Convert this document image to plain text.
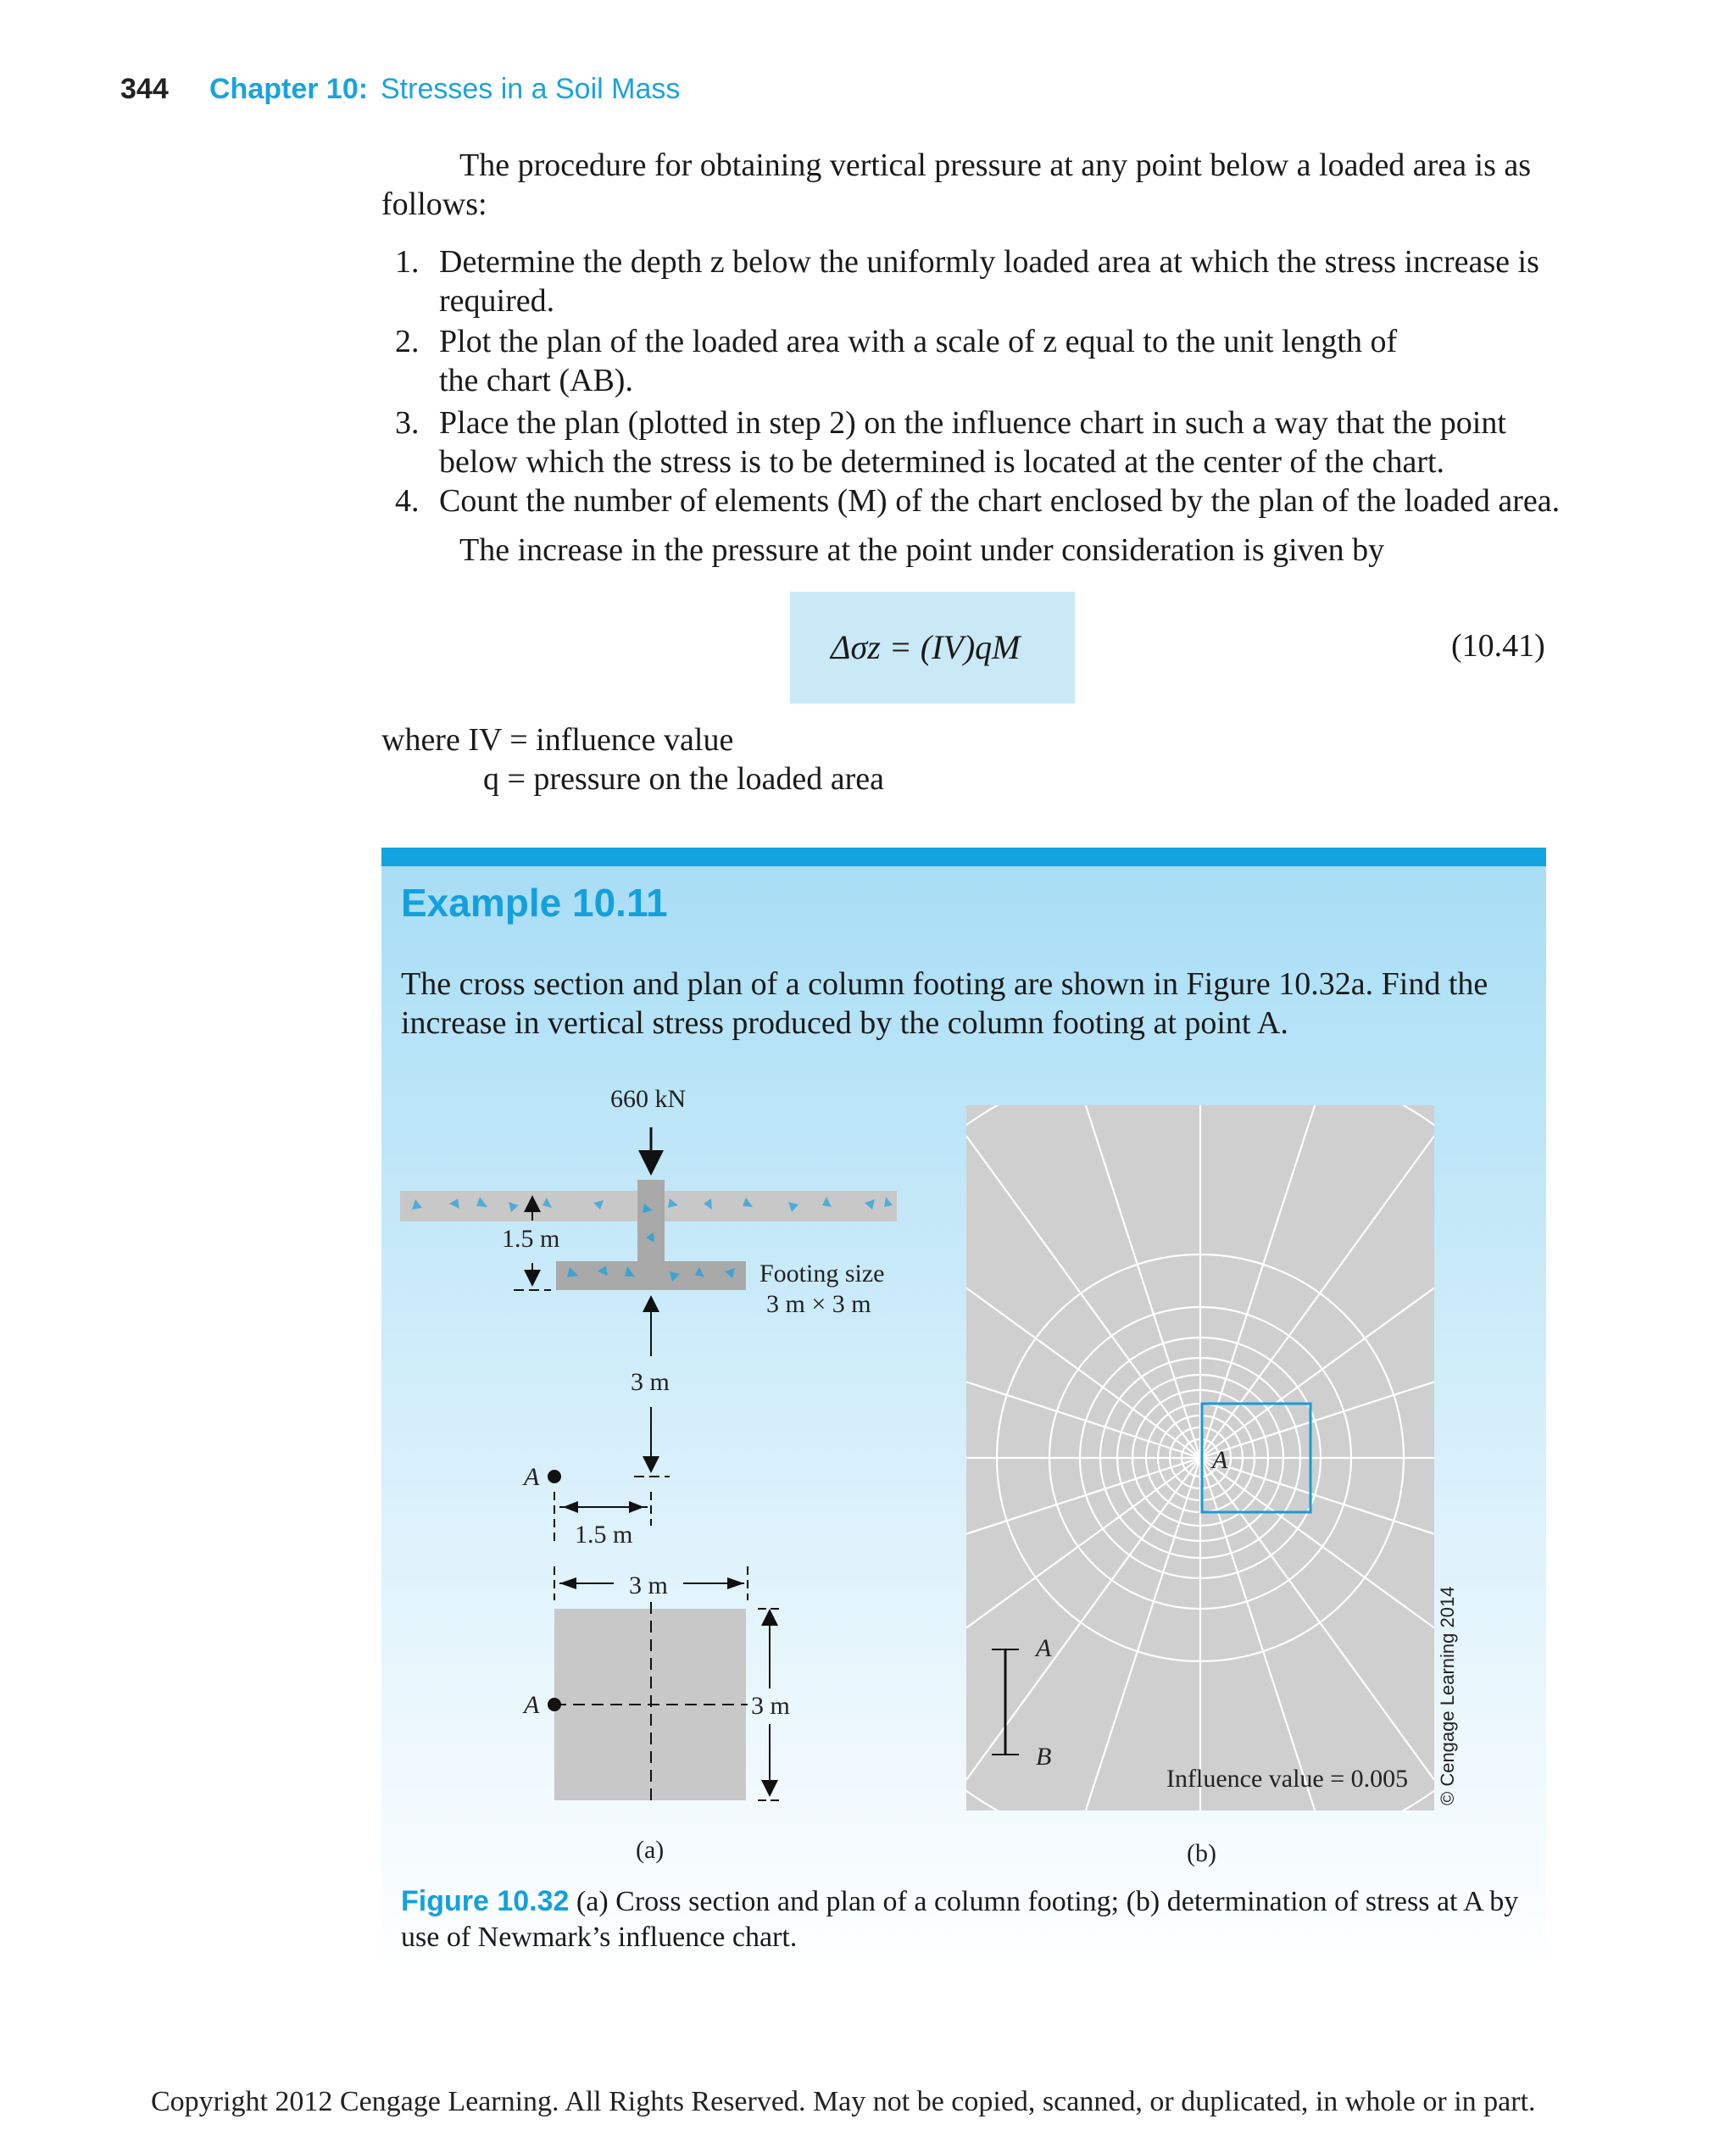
344 Chapter 10: Stresses in a Soil Mass
The procedure for obtaining vertical pressure at any point below a loaded area is as
follows:
1. Determine the depth z below the uniformly loaded area at which the stress increase is required.
2. Plot the plan of the loaded area with a scale of z equal to the unit length of the chart (AB).
3. Place the plan (plotted in step 2) on the influence chart in such a way that the point below which the stress is to be determined is located at the center of the chart.
4. Count the number of elements (M) of the chart enclosed by the plan of the loaded area.
The increase in the pressure at the point under consideration is given by
Δσz = (IV)qM	(10.41)
where IV = influence value
q = pressure on the loaded area
Example 10.11
The cross section and plan of a column footing are shown in Figure 10.32a. Find the increase in vertical stress produced by the column footing at point A.
660 kN
1.5 m
Footing size
3 m × 3 m
3 m
A
1.5 m
3 m
A	3 m
(a)	(b)
A
A
B
Influence value = 0.005 © Cengage Learning 2014
Figure 10.32 (a) Cross section and plan of a column footing; (b) determination of stress at A by use of Newmark’s influence chart.
Copyright 2012 Cengage Learning. All Rights Reserved. May not be copied, scanned, or duplicated, in whole or in part.
